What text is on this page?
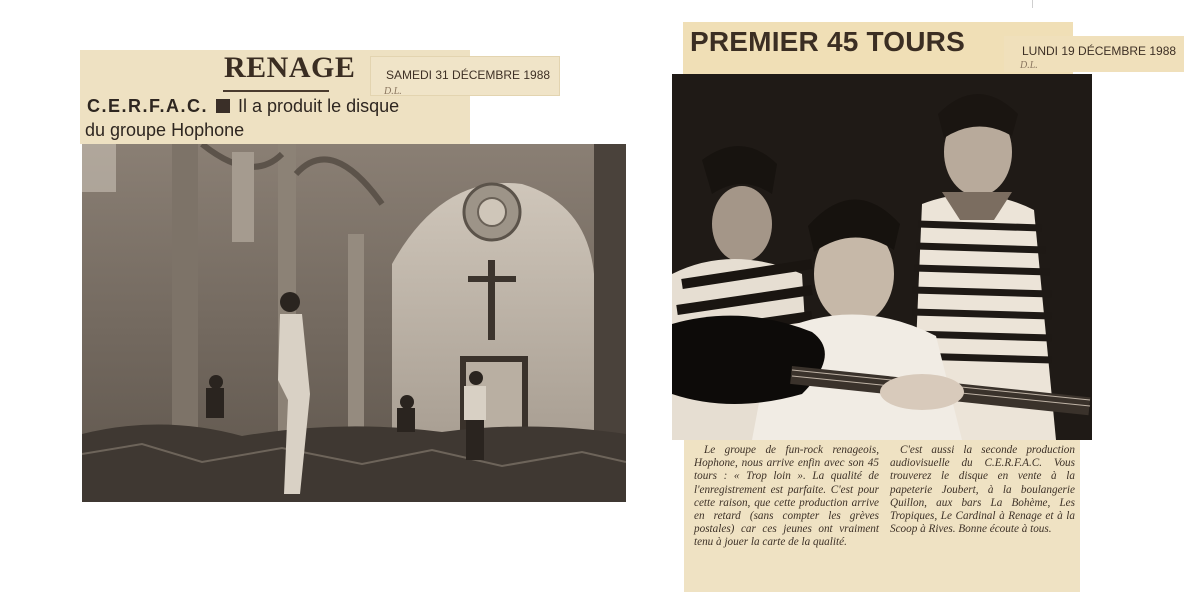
RENAGE	SAMEDI 31 DÉCEMBRE 1988
D.L.
C.E.R.F.A.C. Il a produit le disque
du groupe Hophone
PREMIER 45 TOURS	LUNDI 19 DÉCEMBRE 1988
D.L.
Le groupe de fun-rock renageois, Hophone, nous arrive enfin avec son 45 tours : « Trop loin ». La qualité de l'enregistrement est parfaite. C'est pour cette raison, que cette production arrive en retard (sans compter les grèves postales) car ces jeunes ont vraiment tenu à jouer la carte de la qualité.
C'est aussi la seconde production audiovisuelle du C.E.R.F.A.C. Vous trouverez le disque en vente à la papeterie Joubert, à la boulangerie Quillon, aux bars La Bohème, Les Tropiques, Le Cardinal à Renage et à la Scoop à Rives. Bonne écoute à tous.
